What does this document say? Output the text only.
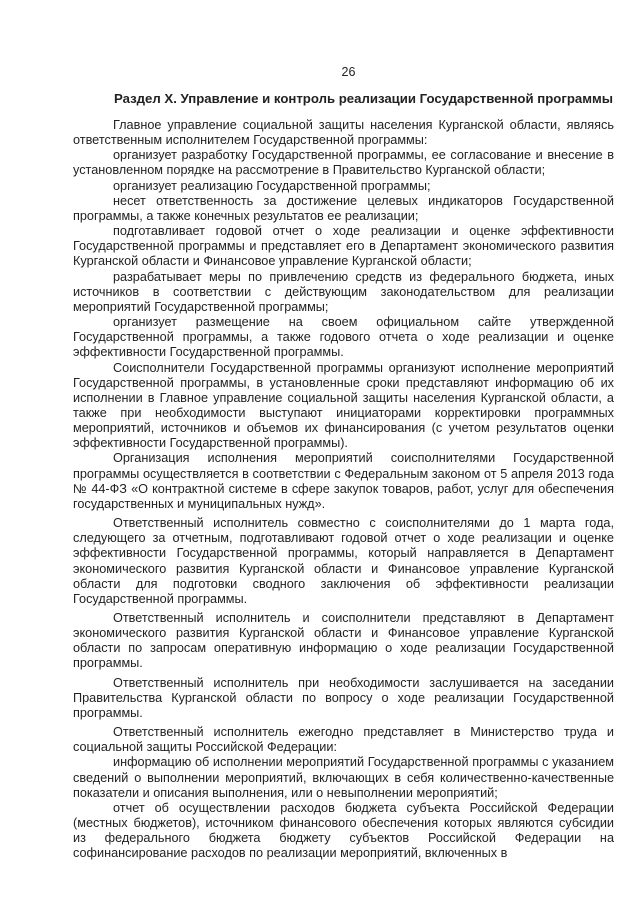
26
Раздел X. Управление и контроль реализации Государственной программы

Главное управление социальной защиты населения Курганской области, являясь ответственным исполнителем Государственной программы:

организует разработку Государственной программы, ее согласование и внесение в установленном порядке на рассмотрение в Правительство Курганской области;

организует реализацию Государственной программы;

несет ответственность за достижение целевых индикаторов Государственной программы, а также конечных результатов ее реализации;

подготавливает годовой отчет о ходе реализации и оценке эффективности Государственной программы и представляет его в Департамент экономического развития Курганской области и Финансовое управление Курганской области;

разрабатывает меры по привлечению средств из федерального бюджета, иных источников в соответствии с действующим законодательством для реализации мероприятий Государственной программы;

организует размещение на своем официальном сайте утвержденной Государственной программы, а также годового отчета о ходе реализации и оценке эффективности Государственной программы.

Соисполнители Государственной программы организуют исполнение мероприятий Государственной программы, в установленные сроки представляют информацию об их исполнении в Главное управление социальной защиты населения Курганской области, а также при необходимости выступают инициаторами корректировки программных мероприятий, источников и объемов их финансирования (с учетом результатов оценки эффективности Государственной программы).

Организация исполнения мероприятий соисполнителями Государственной программы осуществляется в соответствии с Федеральным законом от 5 апреля 2013 года № 44-ФЗ «О контрактной системе в сфере закупок товаров, работ, услуг для обеспечения государственных и муниципальных нужд».

Ответственный исполнитель совместно с соисполнителями до 1 марта года, следующего за отчетным, подготавливают годовой отчет о ходе реализации и оценке эффективности Государственной программы, который направляется в Департамент экономического развития Курганской области и Финансовое управление Курганской области для подготовки сводного заключения об эффективности реализации Государственной программы.

Ответственный исполнитель и соисполнители представляют в Департамент экономического развития Курганской области и Финансовое управление Курганской области по запросам оперативную информацию о ходе реализации Государственной программы.

Ответственный исполнитель при необходимости заслушивается на заседании Правительства Курганской области по вопросу о ходе реализации Государственной программы.

Ответственный исполнитель ежегодно представляет в Министерство труда и социальной защиты Российской Федерации:

информацию об исполнении мероприятий Государственной программы с указанием сведений о выполнении мероприятий, включающих в себя количественно-качественные показатели и описания выполнения, или о невыполнении мероприятий;

отчет об осуществлении расходов бюджета субъекта Российской Федерации (местных бюджетов), источником финансового обеспечения которых являются субсидии из федерального бюджета бюджету субъектов Российской Федерации на софинансирование расходов по реализации мероприятий, включенных в
